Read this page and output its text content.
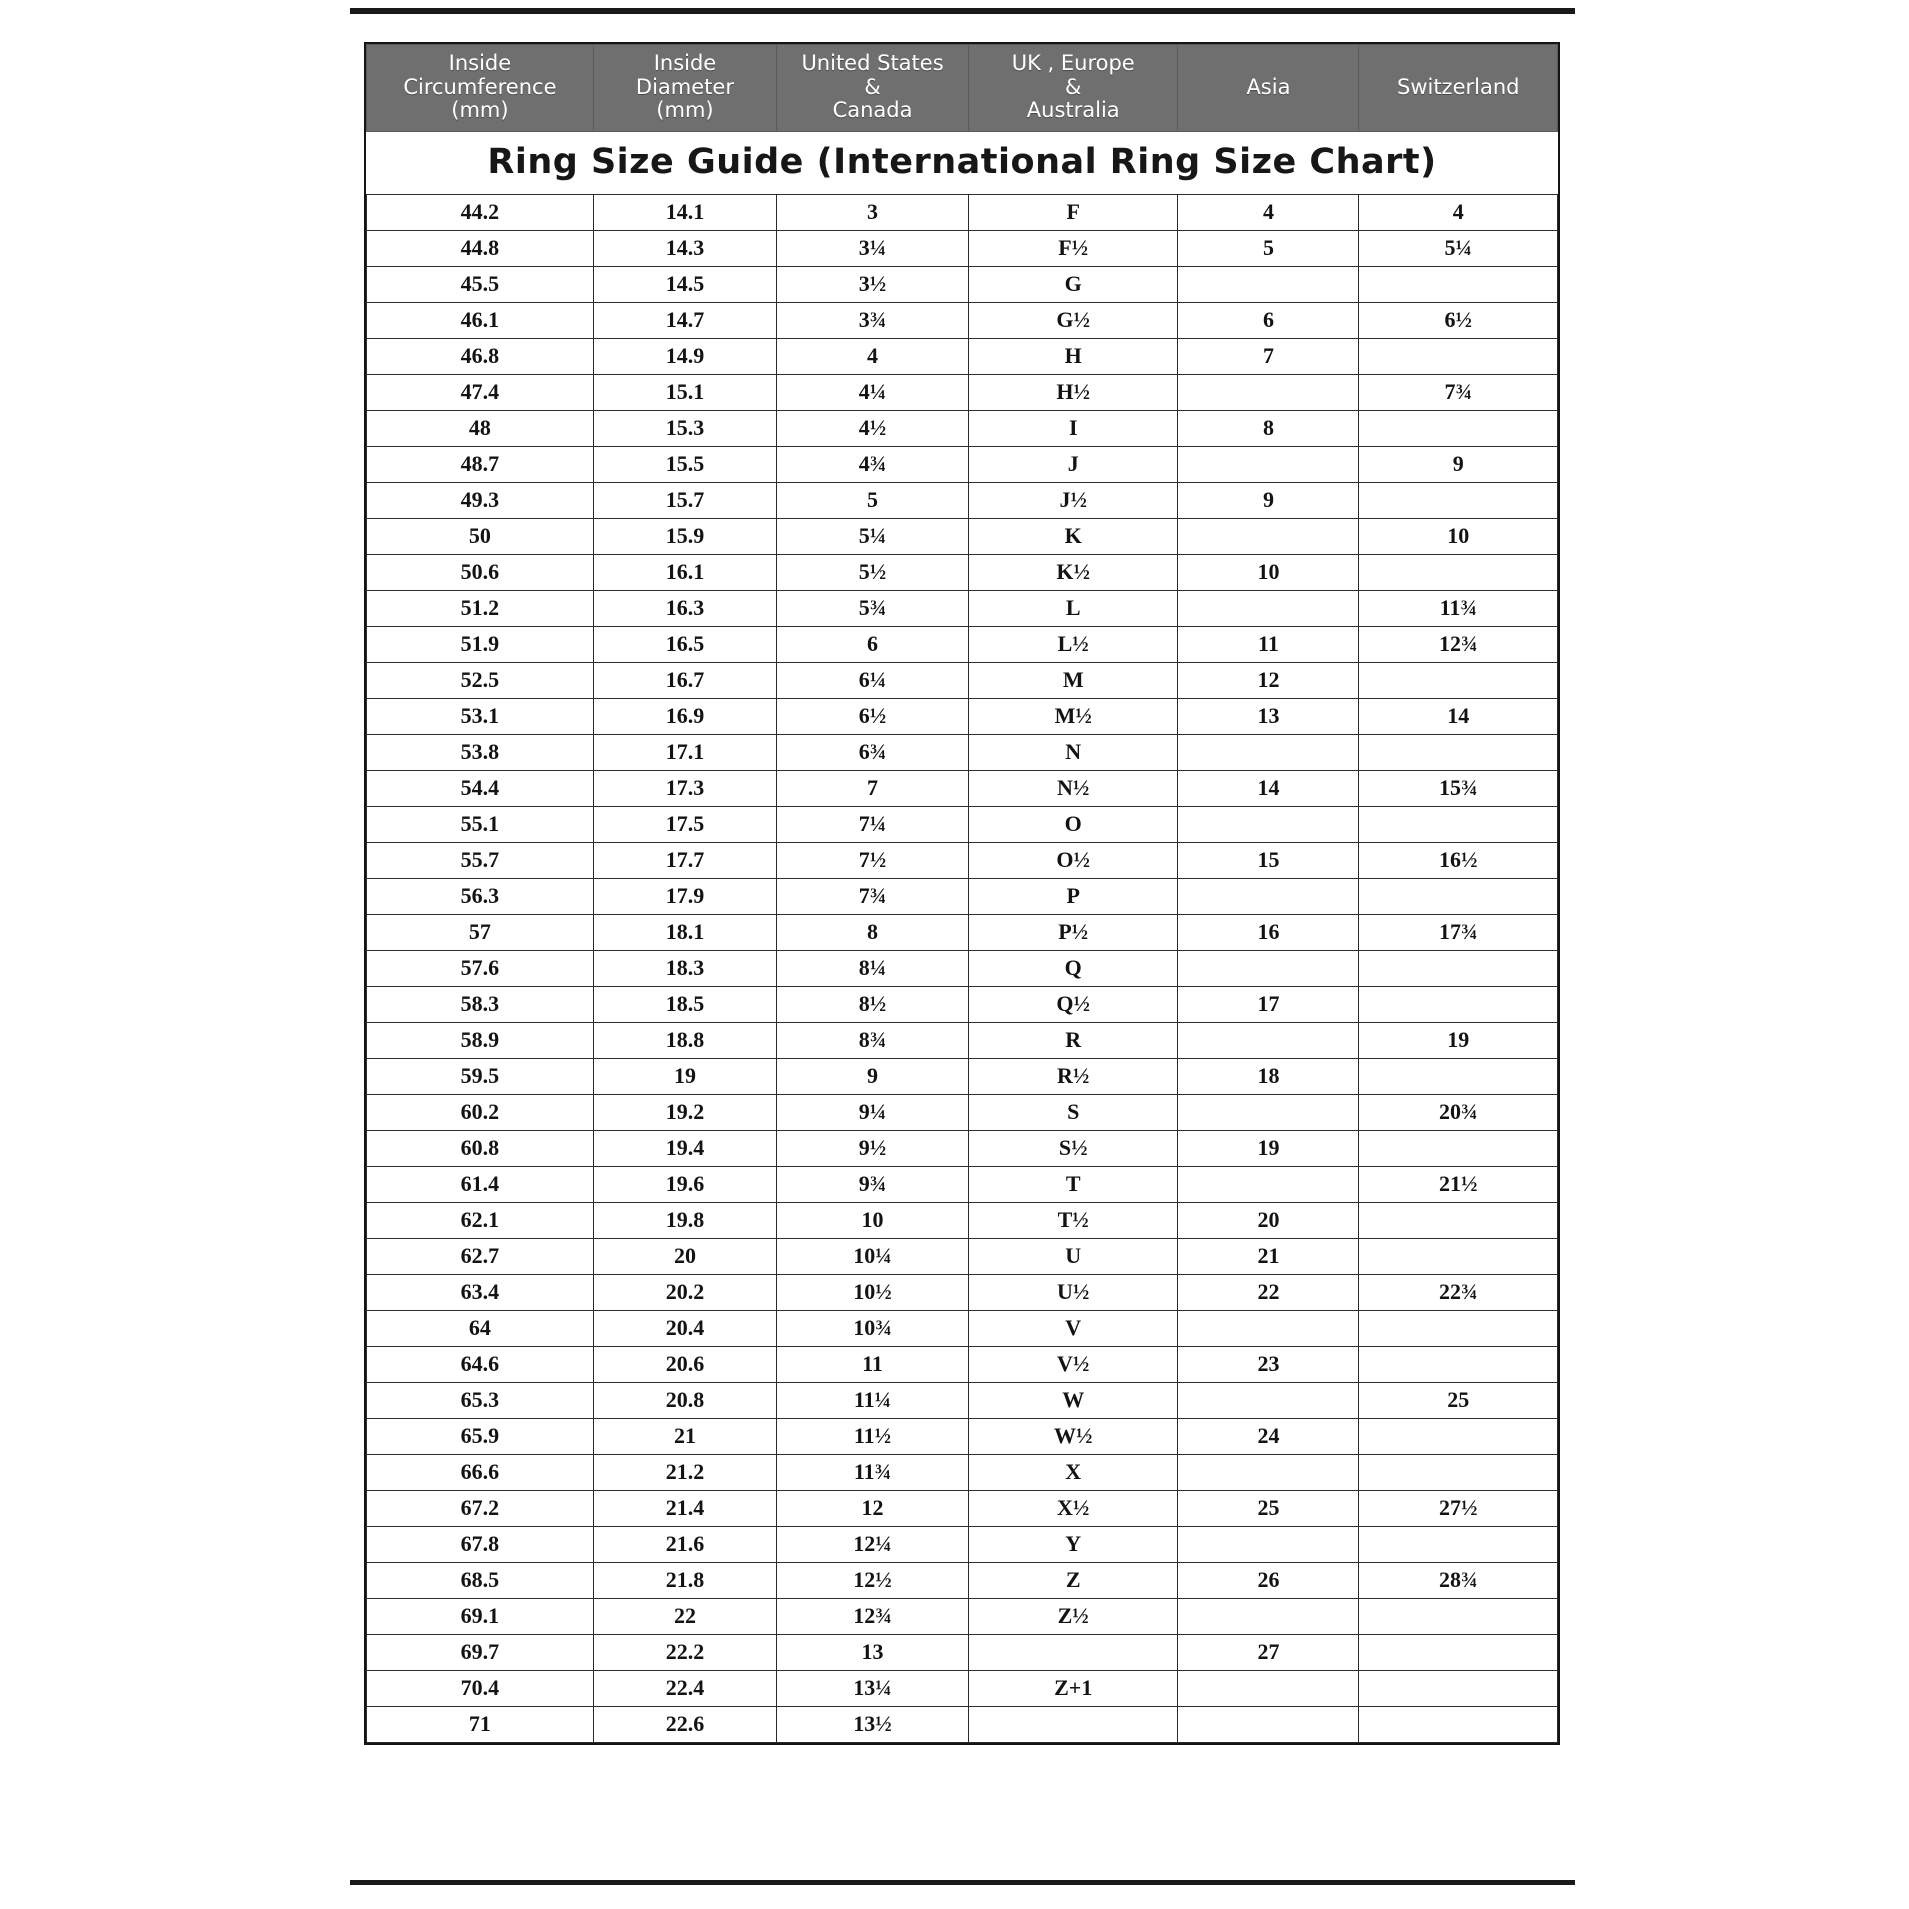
Ring Size Guide (International Ring Size Chart)					

Inside
Circumference
(mm)	Inside
Diameter
(mm)	United States
&
Canada	UK , Europe
&
Australia	Asia	Switzerland

44.2	14.1	3	F	4	4
44.8	14.3	3¼	F½	5	5¼
45.5	14.5	3½	G		
46.1	14.7	3¾	G½	6	6½
46.8	14.9	4	H	7	
47.4	15.1	4¼	H½		7¾
48	15.3	4½	I	8	
48.7	15.5	4¾	J		9
49.3	15.7	5	J½	9	
50	15.9	5¼	K		10
50.6	16.1	5½	K½	10	
51.2	16.3	5¾	L		11¾
51.9	16.5	6	L½	11	12¾
52.5	16.7	6¼	M	12	
53.1	16.9	6½	M½	13	14
53.8	17.1	6¾	N		
54.4	17.3	7	N½	14	15¾
55.1	17.5	7¼	O		
55.7	17.7	7½	O½	15	16½
56.3	17.9	7¾	P		
57	18.1	8	P½	16	17¾
57.6	18.3	8¼	Q		
58.3	18.5	8½	Q½	17	
58.9	18.8	8¾	R		19
59.5	19	9	R½	18	
60.2	19.2	9¼	S		20¾
60.8	19.4	9½	S½	19	
61.4	19.6	9¾	T		21½
62.1	19.8	10	T½	20	
62.7	20	10¼	U	21	
63.4	20.2	10½	U½	22	22¾
64	20.4	10¾	V		
64.6	20.6	11	V½	23	
65.3	20.8	11¼	W		25
65.9	21	11½	W½	24	
66.6	21.2	11¾	X		
67.2	21.4	12	X½	25	27½
67.8	21.6	12¼	Y		
68.5	21.8	12½	Z	26	28¾
69.1	22	12¾	Z½		
69.7	22.2	13		27	
70.4	22.4	13¼	Z+1		
71	22.6	13½			
